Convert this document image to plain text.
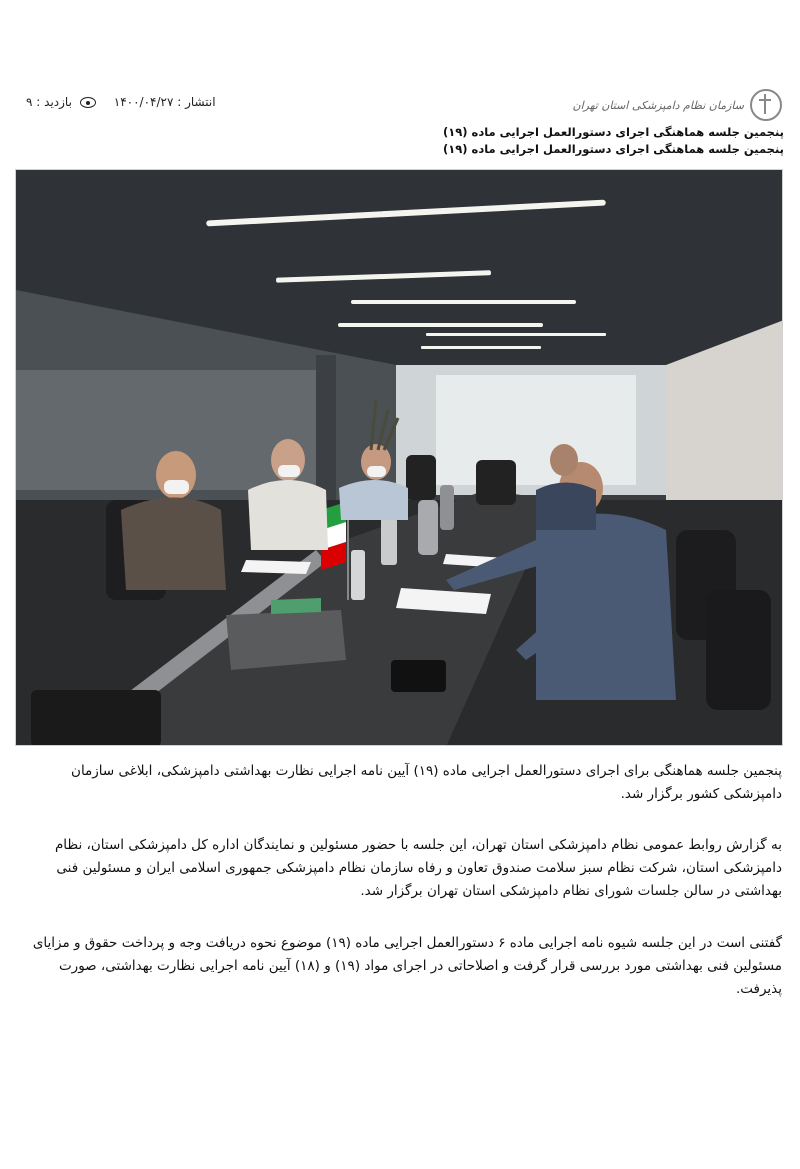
انتشار : ۱۴۰۰/۰۴/۲۷
بازدید : ۹	سازمان نظام دامپزشکی استان تهران
پنجمین جلسه هماهنگی اجرای دستورالعمل اجرایی ماده (۱۹)
پنجمین جلسه هماهنگی اجرای دستورالعمل اجرایی ماده (۱۹)
پنجمین جلسه هماهنگی برای اجرای دستورالعمل اجرایی ماده (۱۹) آیین نامه اجرایی نظارت بهداشتی دامپزشکی، ابلاغی سازمان دامپزشکی کشور برگزار شد.
به گزارش روابط عمومی نظام دامپزشکی استان تهران، این جلسه با حضور مسئولین و نمایندگان اداره کل دامپزشکی استان، نظام دامپزشکی استان، شرکت نظام سبز سلامت صندوق تعاون و رفاه سازمان نظام دامپزشکی جمهوری اسلامی ایران و مسئولین فنی بهداشتی در سالن جلسات شورای نظام دامپزشکی استان تهران برگزار شد.
گفتنی است در این جلسه شیوه نامه اجرایی ماده ۶ دستورالعمل اجرایی ماده (۱۹) موضوع نحوه دریافت وجه و پرداخت حقوق و مزایای مسئولین فنی بهداشتی مورد بررسی قرار گرفت و اصلاحاتی در اجرای مواد (۱۹) و (۱۸) آیین نامه اجرایی نظارت بهداشتی، صورت پذیرفت.
